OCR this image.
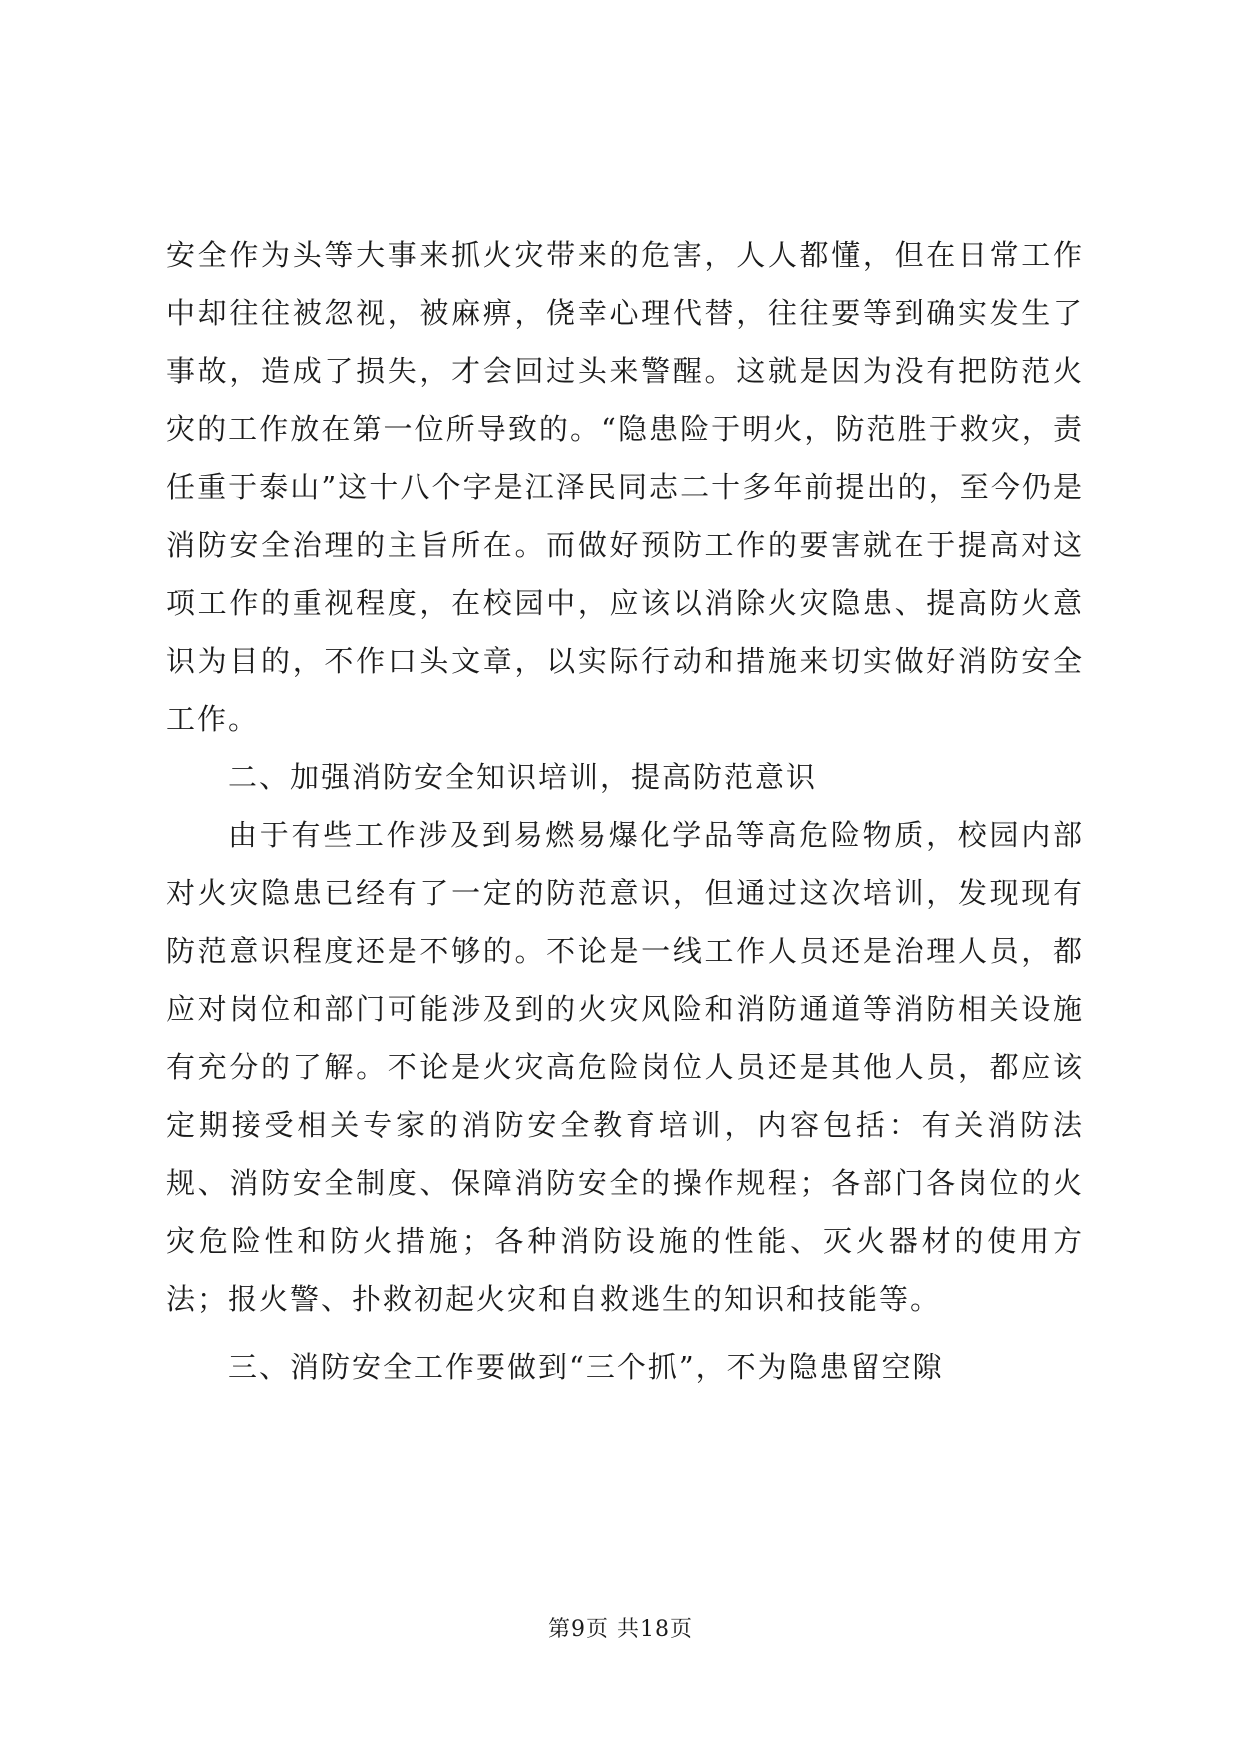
安全作为头等大事来抓火灾带来的危害，人人都懂，但在日常工作中却往往被忽视，被麻痹，侥幸心理代替，往往要等到确实发生了事故，造成了损失，才会回过头来警醒。这就是因为没有把防范火灾的工作放在第一位所导致的。“隐患险于明火，防范胜于救灾，责任重于泰山”这十八个字是江泽民同志二十多年前提出的，至今仍是消防安全治理的主旨所在。而做好预防工作的要害就在于提高对这项工作的重视程度，在校园中，应该以消除火灾隐患、提高防火意识为目的，不作口头文章，以实际行动和措施来切实做好消防安全工作。

二、加强消防安全知识培训，提高防范意识

由于有些工作涉及到易燃易爆化学品等高危险物质，校园内部对火灾隐患已经有了一定的防范意识，但通过这次培训，发现现有防范意识程度还是不够的。不论是一线工作人员还是治理人员，都应对岗位和部门可能涉及到的火灾风险和消防通道等消防相关设施有充分的了解。不论是火灾高危险岗位人员还是其他人员，都应该定期接受相关专家的消防安全教育培训，内容包括：有关消防法规、消防安全制度、保障消防安全的操作规程；各部门各岗位的火灾危险性和防火措施；各种消防设施的性能、灭火器材的使用方法；报火警、扑救初起火灾和自救逃生的知识和技能等。

三、消防安全工作要做到“三个抓”，不为隐患留空隙

第9页 共18页
